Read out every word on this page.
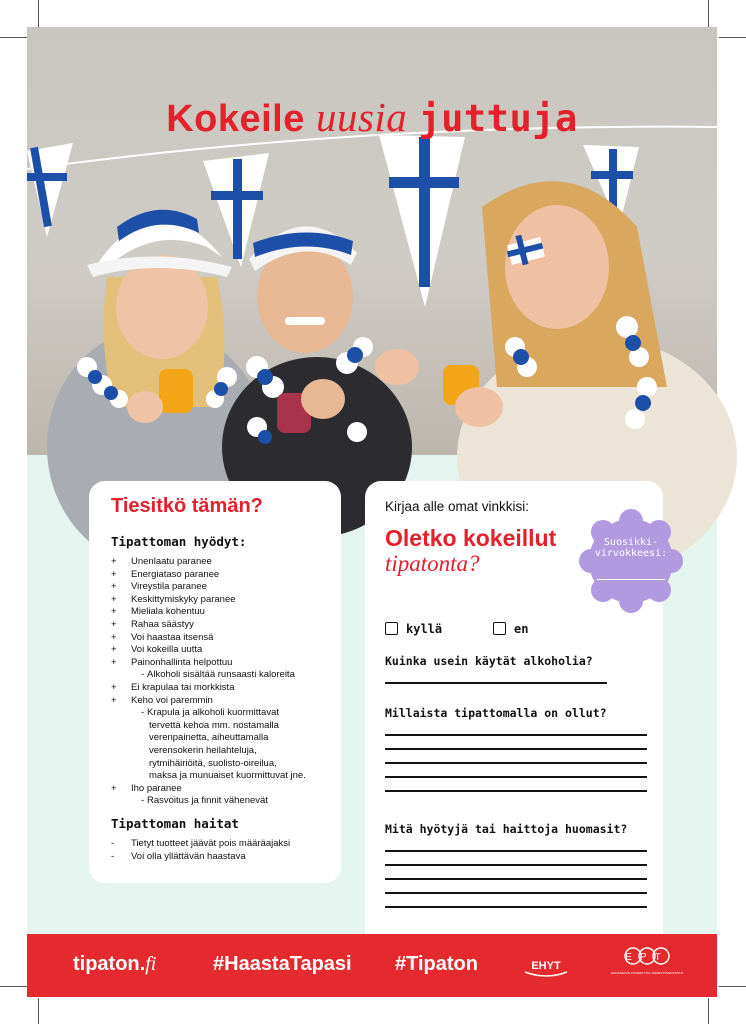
Kokeile uusia juttuja
Tiesitkö tämän?
Tipattoman hyödyt:
+	Unenlaatu paranee
+	Energiataso paranee
+	Vireystila paranee
+	Keskittymiskyky paranee
+	Mieliala kohentuu
+	Rahaa säästyy
+	Voi haastaa itsensä
+	Voi kokeilla uutta
+	Painonhallinta helpottuu
- Alkoholi sisältää runsaasti kaloreita
+	Ei krapulaa tai morkkista
+	Keho voi paremmin
- Krapula ja alkoholi kuormittavat
tervettä kehoa mm. nostamalla
verenpainetta, aiheuttamalla
verensokerin heilahteluja,
rytmihäiriöitä, suolisto-oireilua,
maksa ja munuaiset kuormittuvat jne.
+	Iho paranee
- Rasvoitus ja finnit vähenevät
Tipattoman haitat
- Tietyt tuotteet jäävät pois määräajaksi
- Voi olla yllättävän haastava

Kirjaa alle omat vinkkisi:

Oletko kokeillut
tipatonta?
Suosikki-
virvokkeesi:
kyllä	en

Kuinka usein käytät alkoholia?

Millaista tipattomalla on ollut?

Mitä hyötyjä tai haittoja huomasit?

tipaton.fi	#HaastaTapasi #Tipaton	EHYT
EPT
EHKÄISEVÄN PÄIHDETYÖN JÄRJESTÖVERKOSTO
